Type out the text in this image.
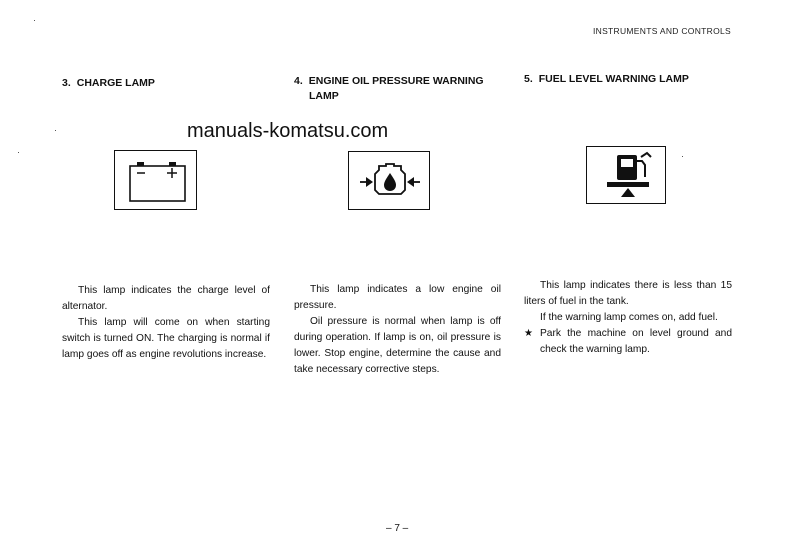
INSTRUMENTS AND CONTROLS
manuals-komatsu.com
3. CHARGE LAMP

This lamp indicates the charge level of alternator.

This lamp will come on when starting switch is turned ON. The charging is normal if lamp goes off as engine revolutions increase.

4. ENGINE OIL PRESSURE WARNING
LAMP

This lamp indicates a low engine oil pressure.

Oil pressure is normal when lamp is off during operation. If lamp is on, oil pressure is lower. Stop engine, determine the cause and take necessary corrective steps.

5. FUEL LEVEL WARNING LAMP

This lamp indicates there is less than 15 liters of fuel in the tank.

If the warning lamp comes on, add fuel.

★ Park the machine on level ground and check the warning lamp.
– 7 –
